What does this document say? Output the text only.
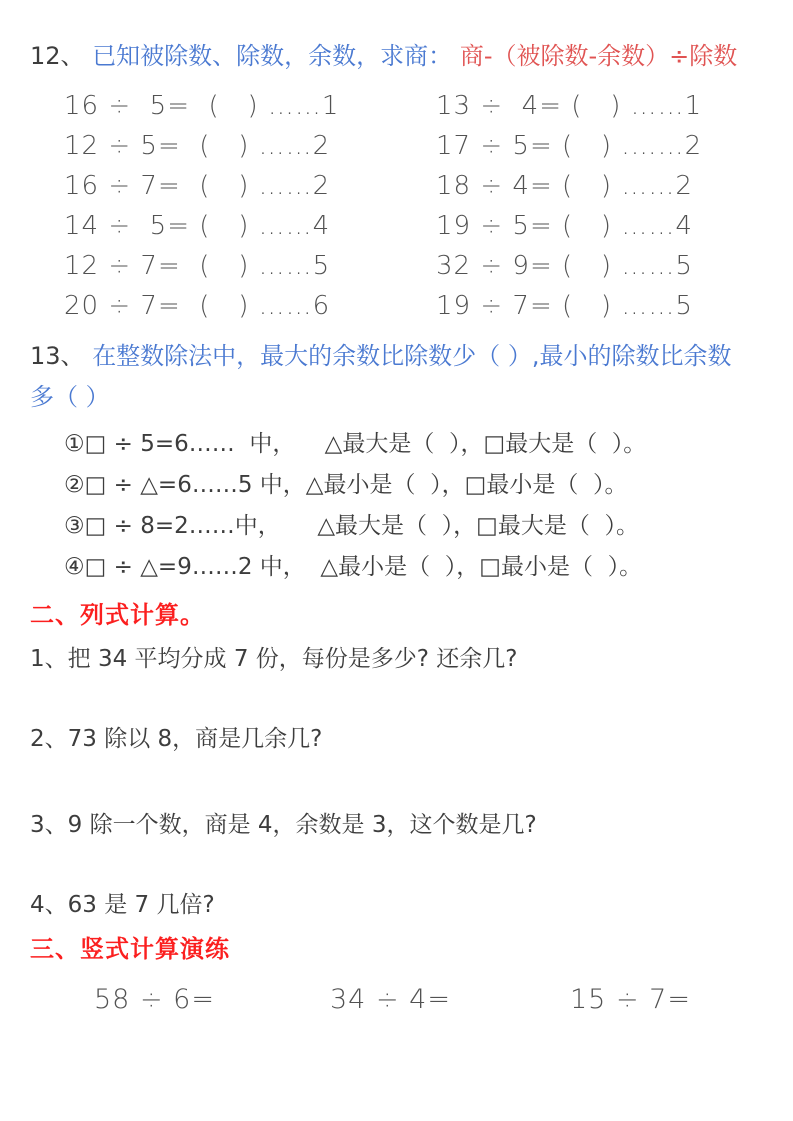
12、 已知被除数、除数，余数，求商： 商-（被除数-余数）÷除数
16 ÷  5=  (   ) ……1	13 ÷  4= (   ) ……1
12 ÷ 5=  (   ) ……2	17 ÷ 5= (   ) .……2
16 ÷ 7=  (   ) ……2	18 ÷ 4= (   ) ……2
14 ÷  5= (   ) ……4	19 ÷ 5= (   ) ……4
12 ÷ 7=  (   ) ……5	32 ÷ 9= (   ) ……5
20 ÷ 7=  (   ) ……6	19 ÷ 7= (   ) ……5
13、 在整数除法中，最大的余数比除数少（ ）,最小的除数比余数
多（ ）
①□ ÷ 5=6……  中，    △最大是（  ），□最大是（  ）。
②□ ÷ △=6……5 中，△最小是（  ），□最小是（  ）。
③□ ÷ 8=2……中，     △最大是（  ），□最大是（  ）。
④□ ÷ △=9……2 中，  △最小是（  ），□最小是（  ）。
二、列式计算。
1、把 34 平均分成 7 份，每份是多少? 还余几?
2、73 除以 8，商是几余几?
3、9 除一个数，商是 4，余数是 3，这个数是几?
4、63 是 7 几倍?
三、竖式计算演练
58 ÷ 6=	34 ÷ 4=	15 ÷ 7=
